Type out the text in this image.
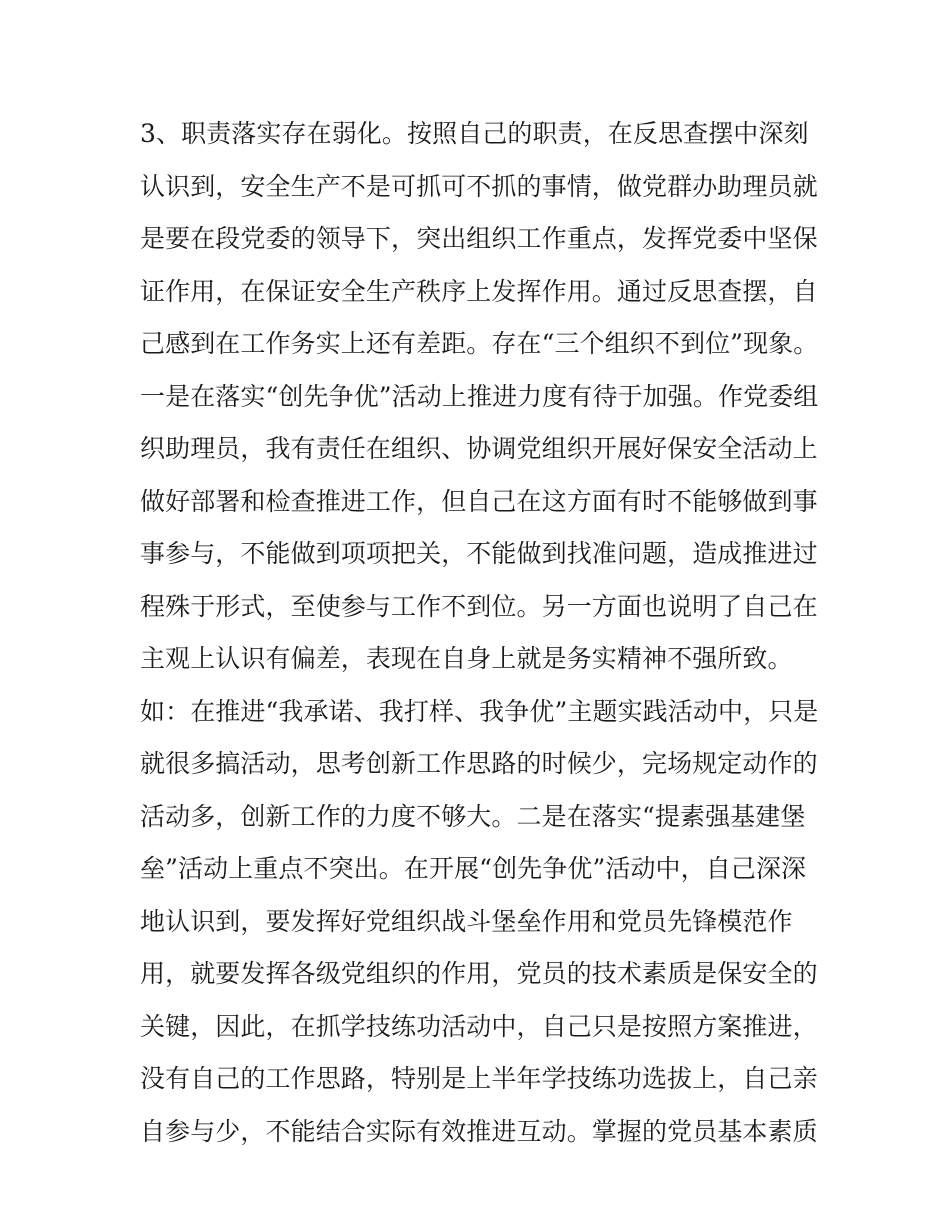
3、职责落实存在弱化。按照自己的职责，在反思查摆中深刻
认识到，安全生产不是可抓可不抓的事情，做党群办助理员就
是要在段党委的领导下，突出组织工作重点，发挥党委中坚保
证作用，在保证安全生产秩序上发挥作用。通过反思查摆，自
己感到在工作务实上还有差距。存在“三个组织不到位”现象。
一是在落实“创先争优”活动上推进力度有待于加强。作党委组
织助理员，我有责任在组织、协调党组织开展好保安全活动上
做好部署和检查推进工作，但自己在这方面有时不能够做到事
事参与，不能做到项项把关，不能做到找准问题，造成推进过
程殊于形式，至使参与工作不到位。另一方面也说明了自己在
主观上认识有偏差，表现在自身上就是务实精神不强所致。
如：在推进“我承诺、我打样、我争优”主题实践活动中，只是
就很多搞活动，思考创新工作思路的时候少，完场规定动作的
活动多，创新工作的力度不够大。二是在落实“提素强基建堡
垒”活动上重点不突出。在开展“创先争优”活动中，自己深深
地认识到，要发挥好党组织战斗堡垒作用和党员先锋模范作
用，就要发挥各级党组织的作用，党员的技术素质是保安全的
关键，因此，在抓学技练功活动中，自己只是按照方案推进，
没有自己的工作思路，特别是上半年学技练功选拔上，自己亲
自参与少，不能结合实际有效推进互动。掌握的党员基本素质
